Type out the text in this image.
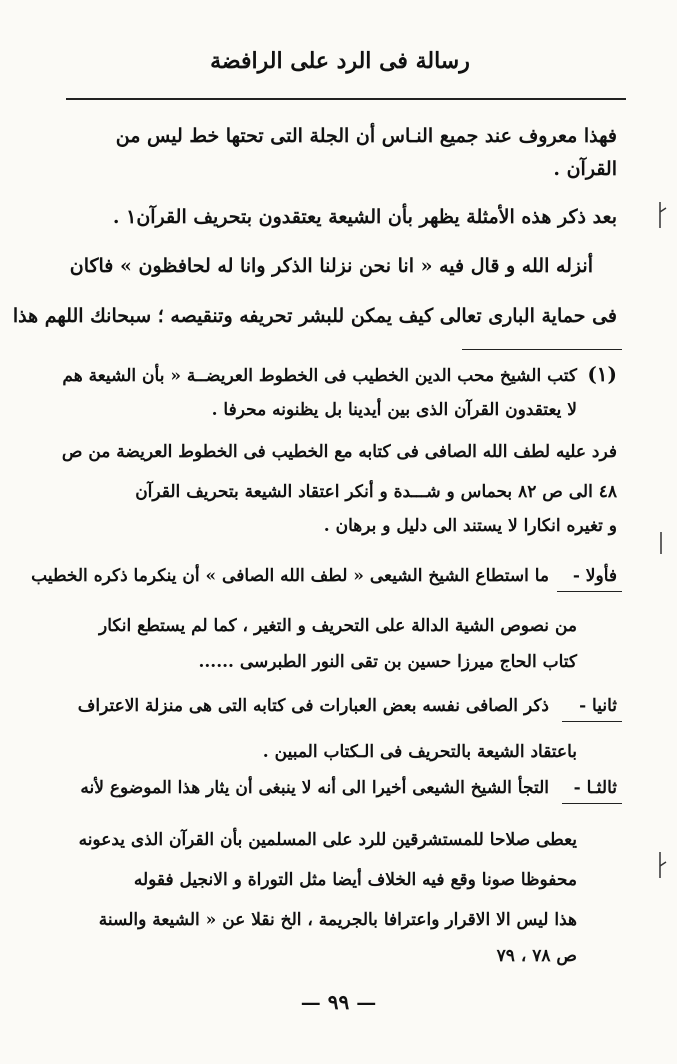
رسالة فى الرد على الرافضة
فهذا معروف عند جميع النـاس أن الجلة التى تحتها خط ليس من
القرآن .
بعد ذكر هذه الأمثلة يظهر بأن الشيعة يعتقدون بتحريف القرآن١ .
أنزله الله و قال فيه « انا نحن نزلنا الذكر وانا له لحافظون » فاكان
فى حماية البارى تعالى كيف يمكن للبشر تحريفه وتنقيصه ؛ سبحانك اللهم هذا
(١)
كتب الشيخ محب الدين الخطيب فى الخطوط العريضــة « بأن الشيعة هم
لا يعتقدون القرآن الذى بين أيدينا بل يظنونه محرفا .
فرد عليه لطف الله الصافى فى كتابه مع الخطيب فى الخطوط العريضة من ص
٤٨ الى ص ٨٢ بحماس و شـــدة و أنكر اعتقاد الشيعة بتحريف القرآن
و تغيره انكارا لا يستند الى دليل و برهان .
فأولا -
ما استطاع الشيخ الشيعى « لطف الله الصافى » أن ينكرما ذكره الخطيب
من نصوص الشية الدالة على التحريف و التغير ، كما لم يستطع انكار
كتاب الحاج ميرزا حسين بن تقى النور الطبرسى ......
ثانيا -
ذكر الصافى نفسه بعض العبارات فى كتابه التى هى منزلة الاعتراف
باعتقاد الشيعة بالتحريف فى الـكتاب المبين .
ثالثـا -
التجأ الشيخ الشيعى أخيرا الى أنه لا ينبغى أن يثار هذا الموضوع لأنه
يعطى صلاحا للمستشرقين للرد على المسلمين بأن القرآن الذى يدعونه
محفوظا صونا وقع فيه الخلاف أيضا مثل التوراة و الانجيل فقوله
هذا ليس الا الاقرار واعترافا بالجريمة ، الخ نقلا عن « الشيعة والسنة
ص ٧٨ ، ٧٩
— ٩٩ —
